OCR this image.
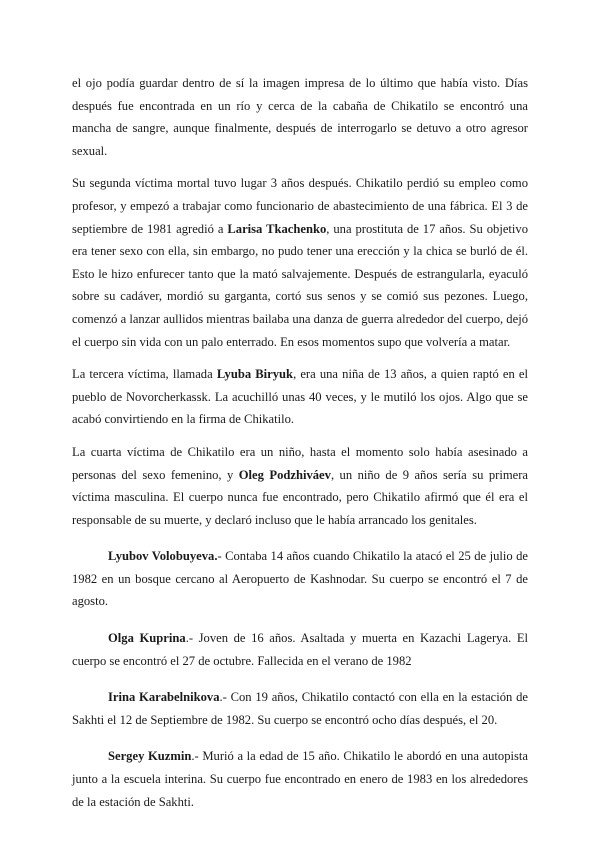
el ojo podía guardar dentro de sí la imagen impresa de lo último que había visto. Días después fue encontrada en un río y cerca de la cabaña de Chikatilo se encontró una mancha de sangre, aunque finalmente, después de interrogarlo se detuvo a otro agresor sexual.

Su segunda víctima mortal tuvo lugar 3 años después. Chikatilo perdió su empleo como profesor, y empezó a trabajar como funcionario de abastecimiento de una fábrica. El 3 de septiembre de 1981 agredió a Larisa Tkachenko, una prostituta de 17 años. Su objetivo era tener sexo con ella, sin embargo, no pudo tener una erección y la chica se burló de él. Esto le hizo enfurecer tanto que la mató salvajemente. Después de estrangularla, eyaculó sobre su cadáver, mordió su garganta, cortó sus senos y se comió sus pezones. Luego, comenzó a lanzar aullidos mientras bailaba una danza de guerra alrededor del cuerpo, dejó el cuerpo sin vida con un palo enterrado. En esos momentos supo que volvería a matar.

La tercera víctima, llamada Lyuba Biryuk, era una niña de 13 años, a quien raptó en el pueblo de Novorcherkassk. La acuchilló unas 40 veces, y le mutiló los ojos. Algo que se acabó convirtiendo en la firma de Chikatilo.

La cuarta víctima de Chikatilo era un niño, hasta el momento solo había asesinado a personas del sexo femenino, y Oleg Podzhiváev, un niño de 9 años sería su primera víctima masculina. El cuerpo nunca fue encontrado, pero Chikatilo afirmó que él era el responsable de su muerte, y declaró incluso que le había arrancado los genitales.

Lyubov Volobuyeva.- Contaba 14 años cuando Chikatilo la atacó el 25 de julio de 1982 en un bosque cercano al Aeropuerto de Kashnodar. Su cuerpo se encontró el 7 de agosto.

Olga Kuprina.- Joven de 16 años. Asaltada y muerta en Kazachi Lagerya. El cuerpo se encontró el 27 de octubre. Fallecida en el verano de 1982

Irina Karabelnikova.- Con 19 años, Chikatilo contactó con ella en la estación de Sakhti el 12 de Septiembre de 1982. Su cuerpo se encontró ocho días después, el 20.

Sergey Kuzmin.- Murió a la edad de 15 año. Chikatilo le abordó en una autopista junto a la escuela interina. Su cuerpo fue encontrado en enero de 1983 en los alrededores de la estación de Sakhti.
